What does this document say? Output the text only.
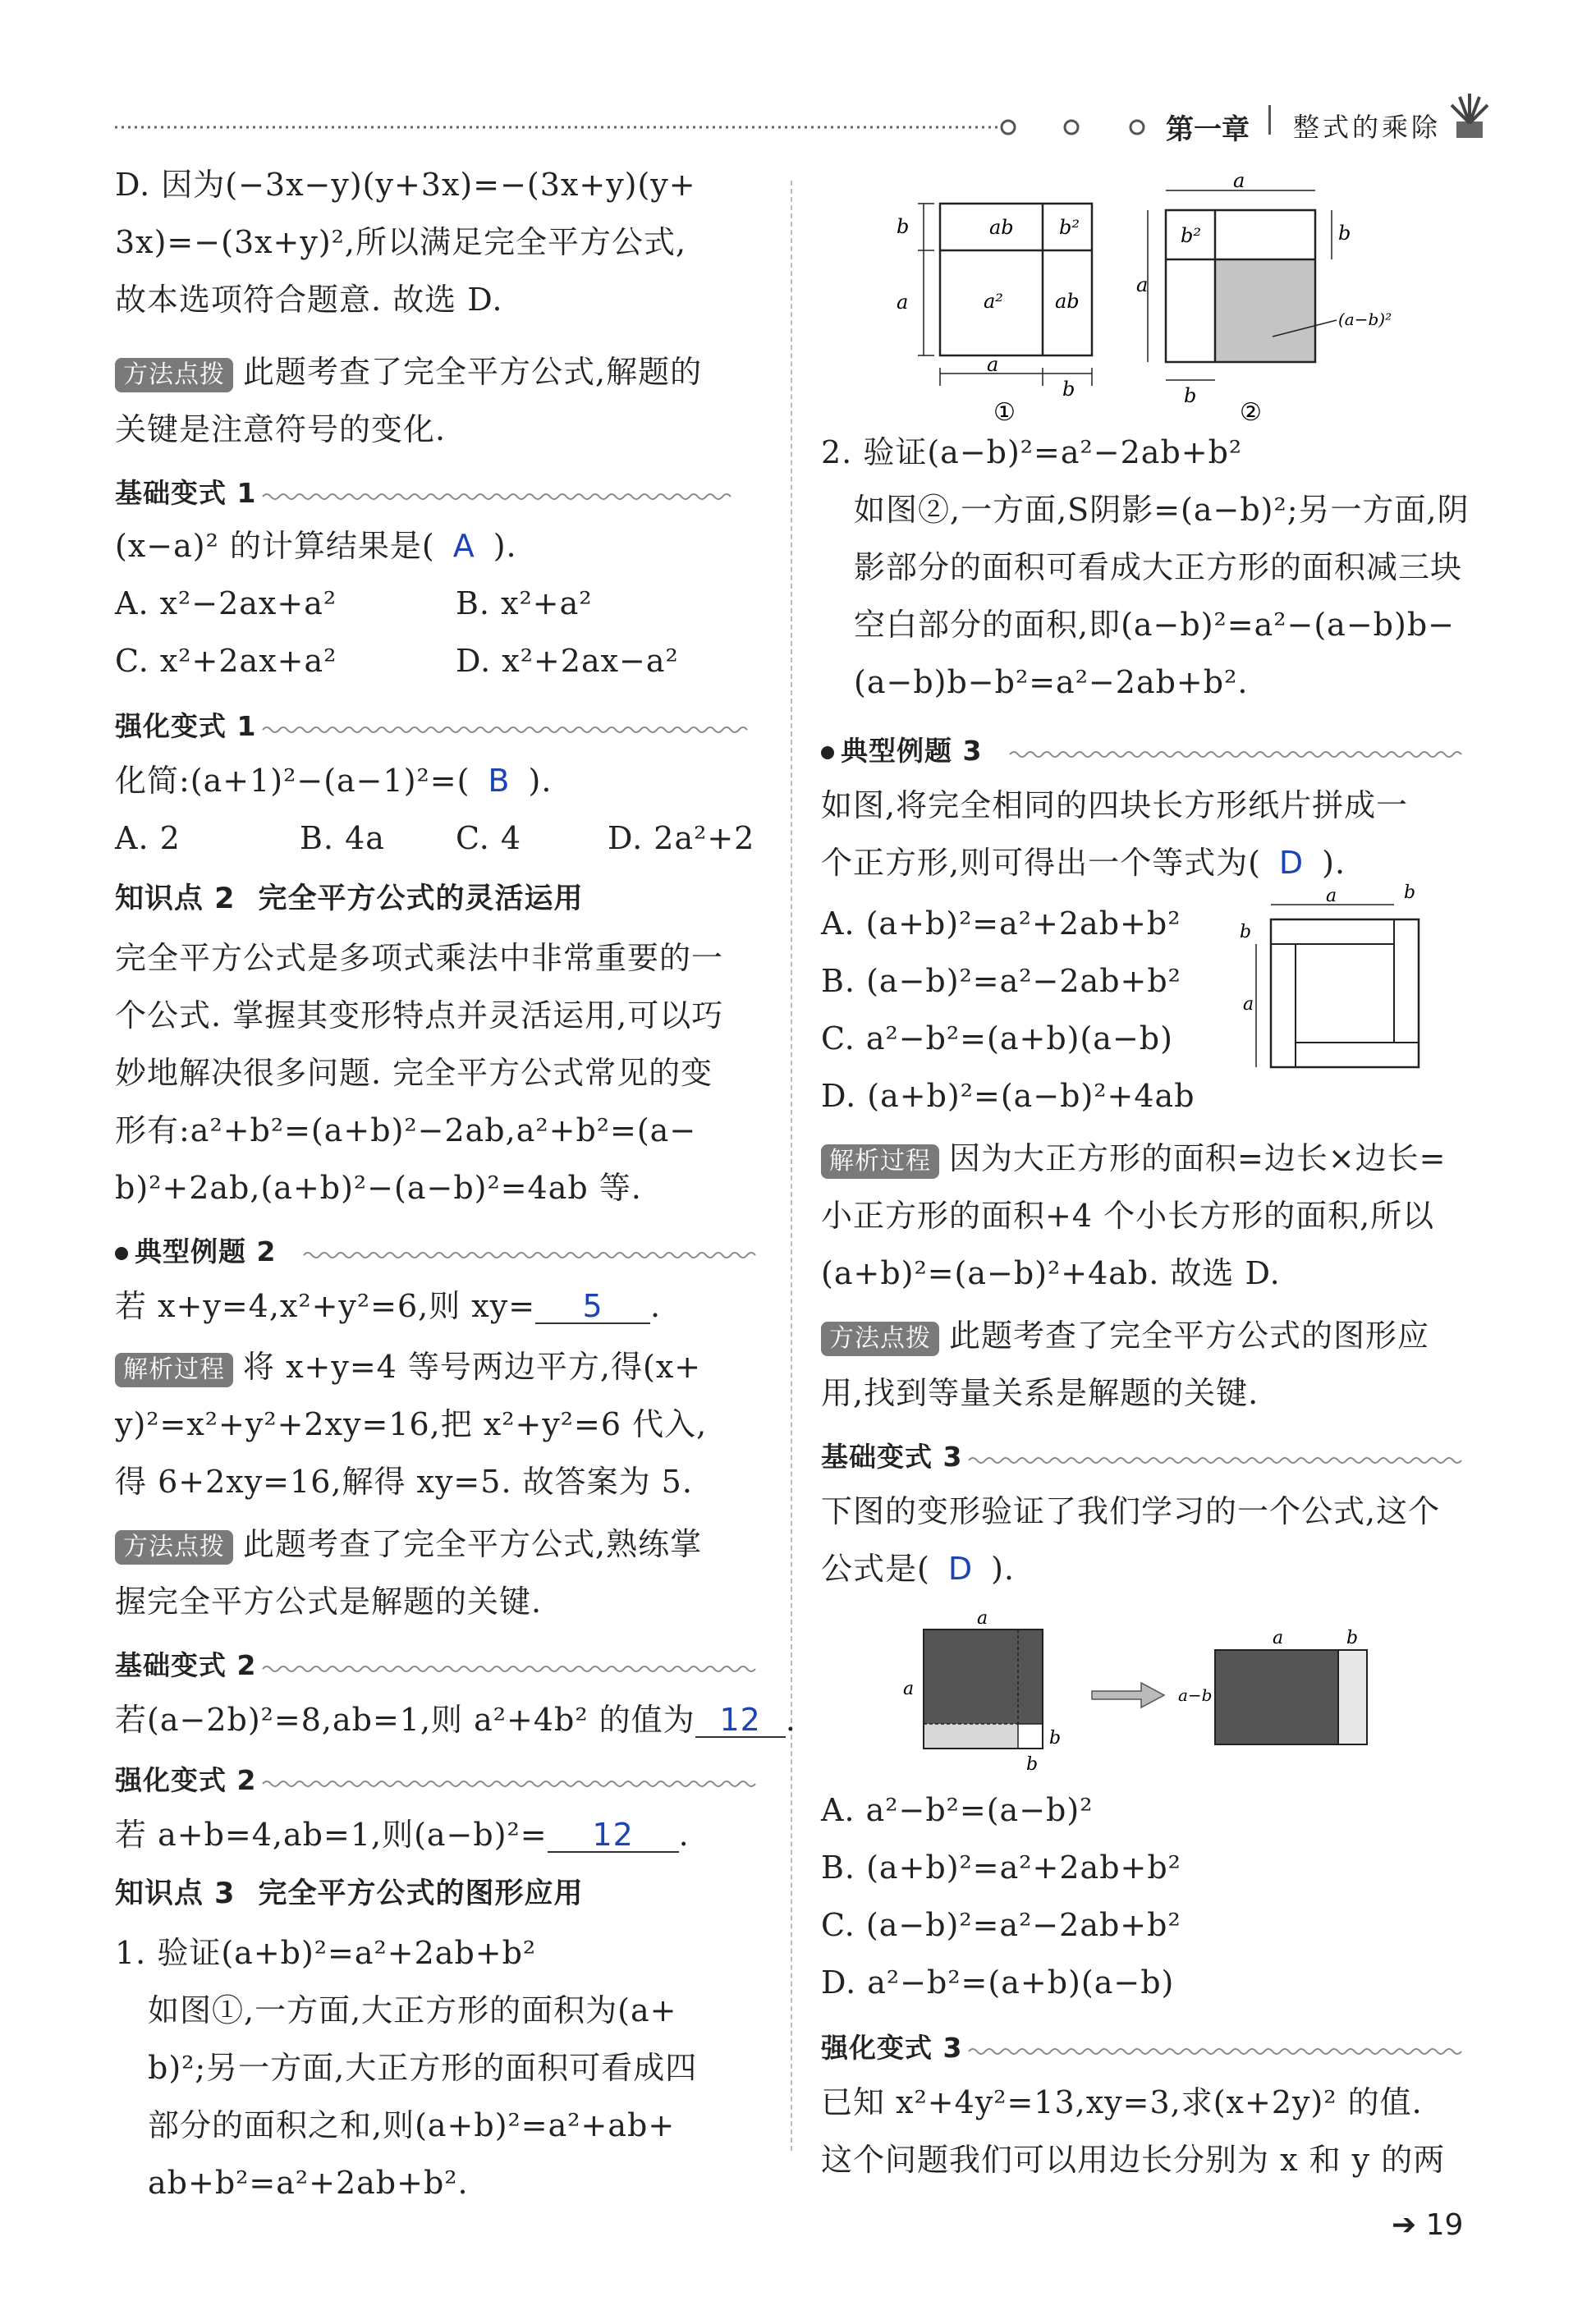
第一章 整式的乘除
D. 因为(−3x−y)(y+3x)=−(3x+y)(y+
3x)=−(3x+y)²,所以满足完全平方公式,
故本选项符合题意. 故选 D.
方法点拨 此题考查了完全平方公式,解题的
关键是注意符号的变化.
基础变式 1
(x−a)² 的计算结果是( A ).
A. x²−2ax+a²	B. x²+a²
C. x²+2ax+a²	D. x²+2ax−a²
强化变式 1
化简:(a+1)²−(a−1)²=( B ).
A. 2	B. 4a C. 4	D. 2a²+2
知识点 2 完全平方公式的灵活运用
完全平方公式是多项式乘法中非常重要的一
个公式. 掌握其变形特点并灵活运用,可以巧
妙地解决很多问题. 完全平方公式常见的变
形有:a²+b²=(a+b)²−2ab,a²+b²=(a−
b)²+2ab,(a+b)²−(a−b)²=4ab 等.
典型例题 2
若 x+y=4,x²+y²=6,则 xy= 5 .
解析过程 将 x+y=4 等号两边平方,得(x+
y)²=x²+y²+2xy=16,把 x²+y²=6 代入,
得 6+2xy=16,解得 xy=5. 故答案为 5.
方法点拨 此题考查了完全平方公式,熟练掌
握完全平方公式是解题的关键.
基础变式 2
若(a−2b)²=8,ab=1,则 a²+4b² 的值为 12 .
强化变式 2
若 a+b=4,ab=1,则(a−b)²= 12 .
知识点 3 完全平方公式的图形应用
1. 验证(a+b)²=a²+2ab+b²
如图①,一方面,大正方形的面积为(a+
b)²;另一方面,大正方形的面积可看成四
部分的面积之和,则(a+b)²=a²+ab+
ab+b²=a²+2ab+b².
ab b²
a²	ab
b
a
a
b
①
b²
a
a
b
(a−b)²
b
②
2. 验证(a−b)²=a²−2ab+b²
如图②,一方面,S阴影=(a−b)²;另一方面,阴
影部分的面积可看成大正方形的面积减三块
空白部分的面积,即(a−b)²=a²−(a−b)b−
(a−b)b−b²=a²−2ab+b².
典型例题 3
如图,将完全相同的四块长方形纸片拼成一
个正方形,则可得出一个等式为( D ).
A. (a+b)²=a²+2ab+b²
B. (a−b)²=a²−2ab+b²
C. a²−b²=(a+b)(a−b)
D. (a+b)²=(a−b)²+4ab
a	b
b
a
解析过程 因为大正方形的面积=边长×边长=
小正方形的面积+4 个小长方形的面积,所以
(a+b)²=(a−b)²+4ab. 故选 D.
方法点拨 此题考查了完全平方公式的图形应
用,找到等量关系是解题的关键.
基础变式 3
下图的变形验证了我们学习的一个公式,这个
公式是( D ).
a
a
b
b
a−b
a	b
A. a²−b²=(a−b)²
B. (a+b)²=a²+2ab+b²
C. (a−b)²=a²−2ab+b²
D. a²−b²=(a+b)(a−b)
强化变式 3
已知 x²+4y²=13,xy=3,求(x+2y)² 的值.
这个问题我们可以用边长分别为 x 和 y 的两
➔ 19
